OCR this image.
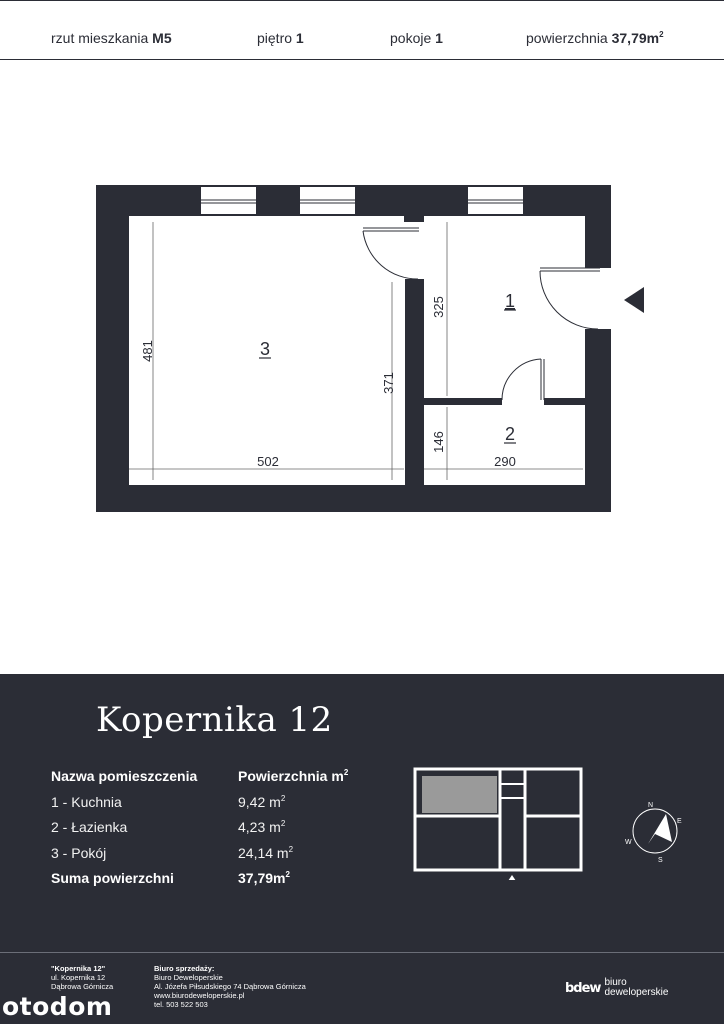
rzut mieszkania M5	piętro 1	pokoje 1	powierzchnia $37,79m^2$
481
502
371
325
146
290
1
2
3
Kopernika 12
Nazwa pomieszczenia	Powierzchnia $m^2$
1 - Kuchnia	9,42 $m^2$
2 - Łazienka	4,23 $m^2$
3 - Pokój	24,14 $m^2$
Suma powierzchni	$37,79m^2$
N
E
S
W
"Kopernika 12"
ul. Kopernika 12
Dąbrowa Górnicza
Biuro sprzedaży:
Biuro Deweloperskie
Al. Józefa Piłsudskiego 74 Dąbrowa Górnicza
www.biurodeweloperskie.pl
tel. 503 522 503
otodom
bdew biuro
deweloperskie
